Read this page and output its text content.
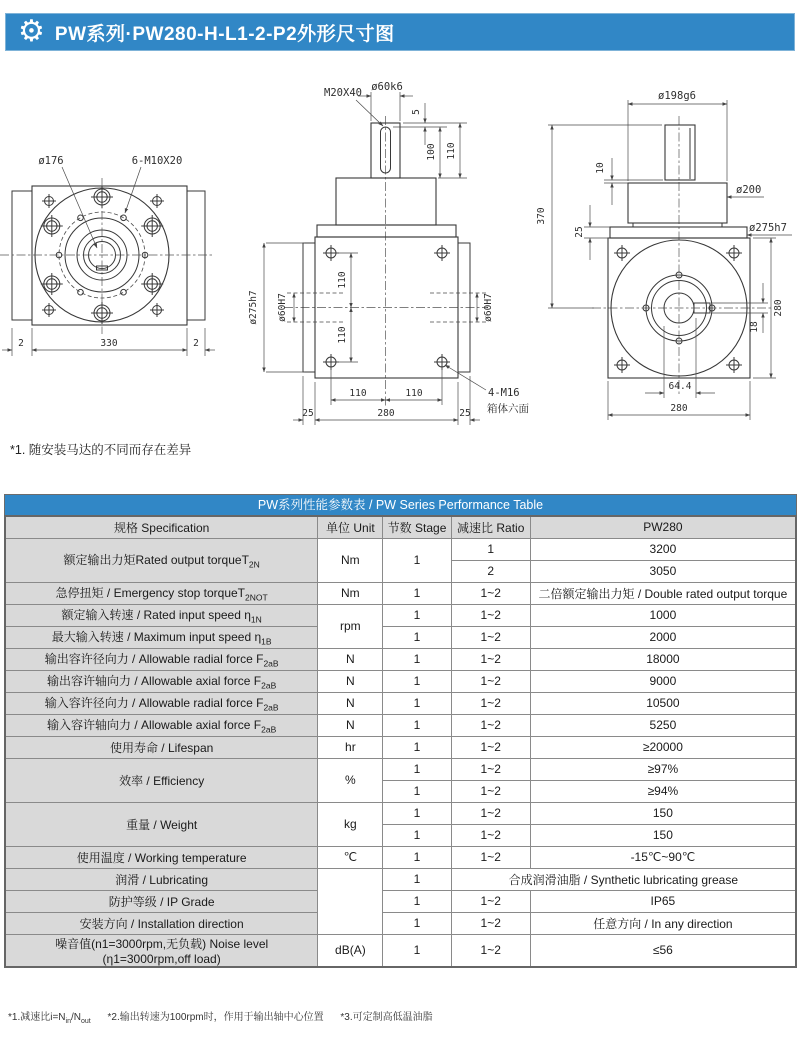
⚙ PW系列·PW280-H-L1-2-P2外形尺寸图
ø176	6-M10X20
2	330	2
M20X40 ø60k6
5
100 110
ø275h7 ø60H7	ø60H7
110
110
110	110
25	280	25
4-M16
箱体六面
ø198g6
370
10
25
ø200
ø275h7
280
18
64.4
280
*1. 随安装马达的不同而存在差异
PW系列性能参数表 / PW Series Performance Table
规格 Specification	单位 Unit	节数 Stage	减速比 Ratio	PW280
额定输出力矩Rated output torqueT$_{2N}$	Nm	1	1	3200
			2	3050
急停扭矩 / Emergency stop torqueT$_{2NOT}$	Nm	1	1~2	二倍额定输出力矩 / Double rated output torque
额定输入转速 / Rated input speed $\eta_{1N}$	rpm	1	1~2	1000
最大输入转速 / Maximum input speed $\eta_{1B}$		1	1~2	2000
输出容许径向力 / Allowable radial force $F_{2aB}$	N	1	1~2	18000
输出容许轴向力 / Allowable axial force $F_{2aB}$	N	1	1~2	9000
输入容许径向力 / Allowable radial force $F_{2aB}$	N	1	1~2	10500
输入容许轴向力 / Allowable axial force $F_{2aB}$	N	1	1~2	5250
使用寿命 / Lifespan	hr	1	1~2	≥20000
效率 / Efficiency	%	1	1~2	≥97%
		1	1~2	≥94%
重量 / Weight	kg	1	1~2	150
		1	1~2	150
使用温度 / Working temperature	℃	1	1~2	-15℃~90℃
润滑 / Lubricating		1	合成润滑油脂 / Synthetic lubricating grease	
防护等级 / IP Grade		1	1~2	IP65
安装方向 / Installation direction		1	1~2	任意方向 / In any direction

噪音值(n1=3000rpm,无负载) Noise level
(η1=3000rpm,off load)	dB(A)	1	1~2	≤56
*1.减速比$i=N_{in}/N_{out}$ *2.输出转速为100rpm时，作用于输出轴中心位置 *3.可定制高低温油脂
